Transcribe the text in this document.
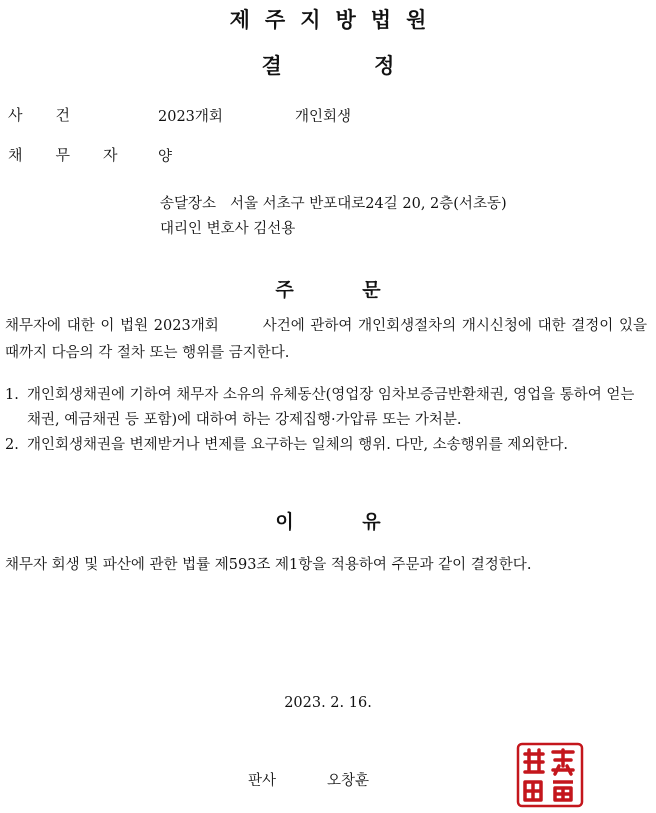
제주지방법원
결 정
사건	2023개회	개인회생
채무자 양
송달장소 서울 서초구 반포대로24길 20, 2층(서초동)
대리인 변호사 김선용
주 문
채무자에 대한 이 법원 2023개회	사건에 관하여 개인회생절차의 개시신청에 대한 결정이 있을 때까지 다음의 각 절차 또는 행위를 금지한다.
1. 개인회생채권에 기하여 채무자 소유의 유체동산(영업장 임차보증금반환채권, 영업을 통하여 얻는 채권, 예금채권 등 포함)에 대하여 하는 강제집행·가압류 또는 가처분.
2. 개인회생채권을 변제받거나 변제를 요구하는 일체의 행위. 다만, 소송행위를 제외한다.
이 유
채무자 회생 및 파산에 관한 법률 제593조 제1항을 적용하여 주문과 같이 결정한다.
2023. 2. 16.
판사	오창훈
